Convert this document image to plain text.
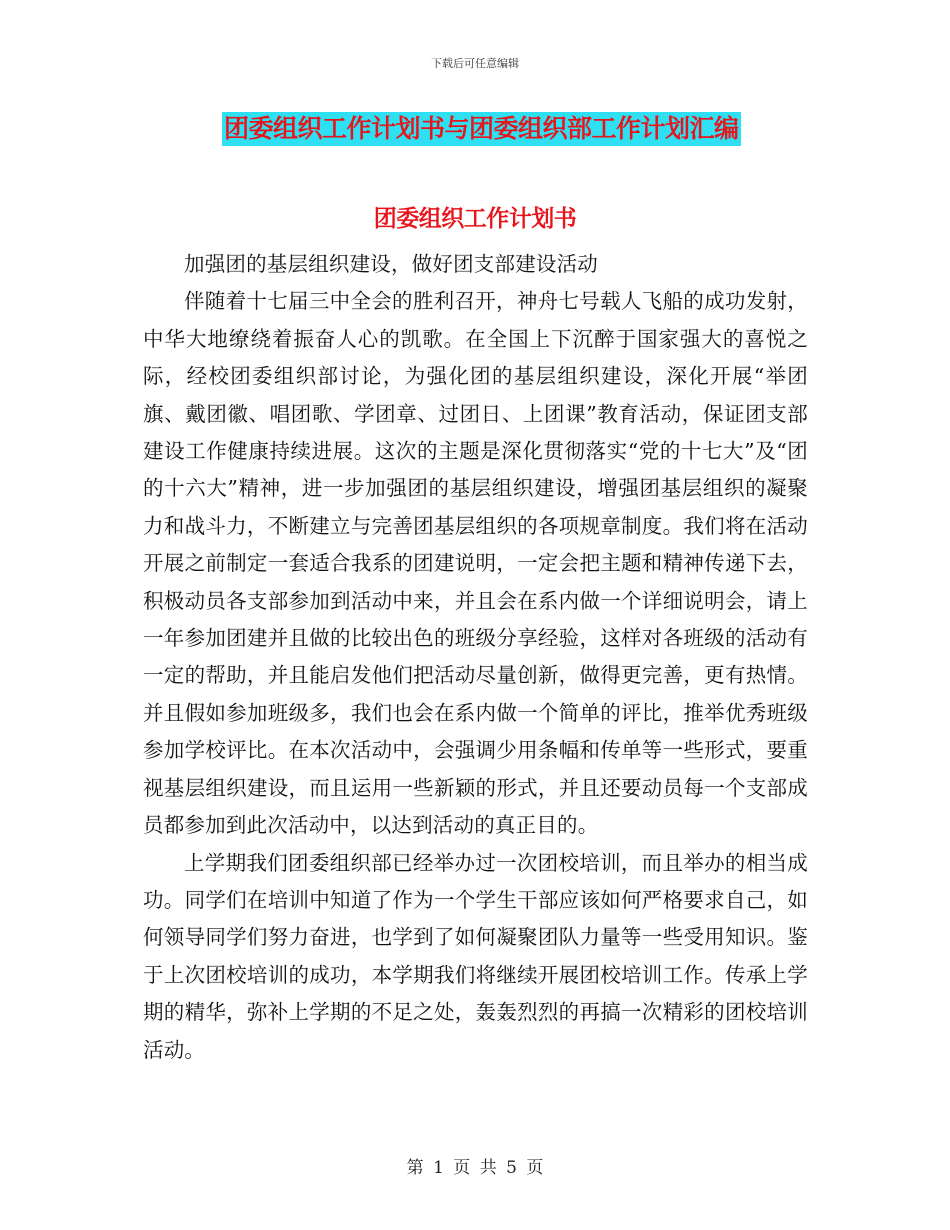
下载后可任意编辑
团委组织工作计划书与团委组织部工作计划汇编
团委组织工作计划书

加强团的基层组织建设，做好团支部建设活动

伴随着十七届三中全会的胜利召开，神舟七号载人飞船的成功发射，中华大地缭绕着振奋人心的凯歌。在全国上下沉醉于国家强大的喜悦之际，经校团委组织部讨论，为强化团的基层组织建设，深化开展“举团旗、戴团徽、唱团歌、学团章、过团日、上团课”教育活动，保证团支部建设工作健康持续进展。这次的主题是深化贯彻落实“党的十七大”及“团的十六大”精神，进一步加强团的基层组织建设，增强团基层组织的凝聚力和战斗力，不断建立与完善团基层组织的各项规章制度。我们将在活动开展之前制定一套适合我系的团建说明，一定会把主题和精神传递下去，积极动员各支部参加到活动中来，并且会在系内做一个详细说明会，请上一年参加团建并且做的比较出色的班级分享经验，这样对各班级的活动有一定的帮助，并且能启发他们把活动尽量创新，做得更完善，更有热情。并且假如参加班级多，我们也会在系内做一个简单的评比，推举优秀班级参加学校评比。在本次活动中，会强调少用条幅和传单等一些形式，要重视基层组织建设，而且运用一些新颖的形式，并且还要动员每一个支部成员都参加到此次活动中，以达到活动的真正目的。

上学期我们团委组织部已经举办过一次团校培训，而且举办的相当成功。同学们在培训中知道了作为一个学生干部应该如何严格要求自己，如何领导同学们努力奋进，也学到了如何凝聚团队力量等一些受用知识。鉴于上次团校培训的成功，本学期我们将继续开展团校培训工作。传承上学期的精华，弥补上学期的不足之处，轰轰烈烈的再搞一次精彩的团校培训活动。

第 1 页 共 5 页
